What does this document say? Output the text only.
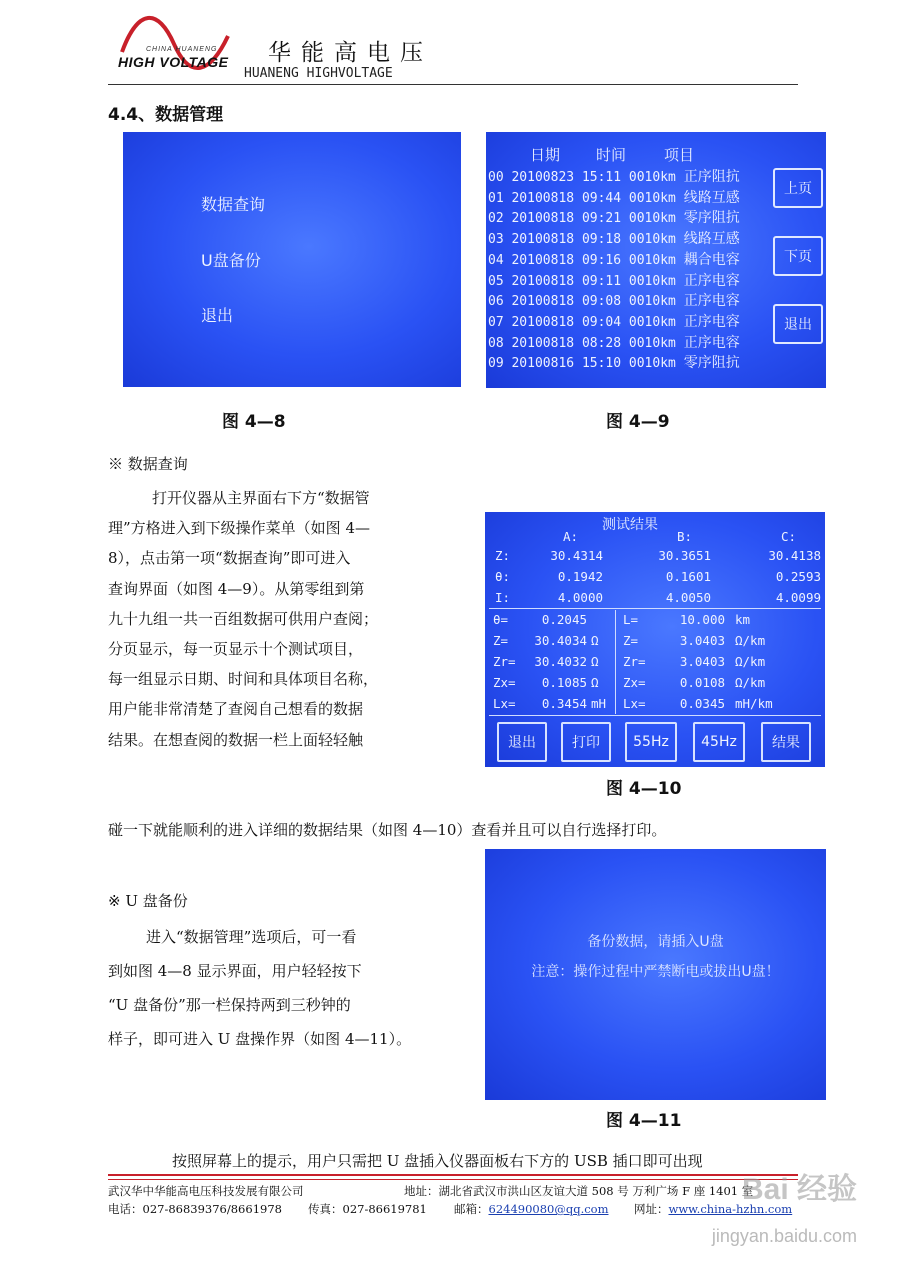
CHINA HUANENG
HIGH VOLTAGE 华能高电压
HUANENG HIGHVOLTAGE
4.4、数据管理
数据查询
U盘备份
退出
图 4—8
日期 时间	项目
00 20100823 15:11 0010km 正序阻抗
01 20100818 09:44 0010km 线路互感
02 20100818 09:21 0010km 零序阻抗
03 20100818 09:18 0010km 线路互感
04 20100818 09:16 0010km 耦合电容
05 20100818 09:11 0010km 正序电容
06 20100818 09:08 0010km 正序电容
07 20100818 09:04 0010km 正序电容
08 20100818 08:28 0010km 正序电容
09 20100816 15:10 0010km 零序阻抗
上页
下页
退出
图 4—9
※ 数据查询
打开仪器从主界面右下方“数据管
理”方格进入到下级操作菜单（如图 4—
8），点击第一项“数据查询”即可进入
查询界面（如图 4—9）。从第零组到第
九十九组一共一百组数据可供用户查阅；
分页显示，每一页显示十个测试项目，
每一组显示日期、时间和具体项目名称，
用户能非常清楚了查阅自己想看的数据
结果。在想查阅的数据一栏上面轻轻触
测试结果
A:	B:	C:
Z:	30.4314	30.3651	30.4138
θ:	0.1942	0.1601	0.2593
I:	4.0000	4.0050	4.0099
θ=	0.2045
Z=	30.4034 Ω
Zr=	30.4032 Ω
Zx=	0.1085 Ω
Lx=	0.3454 mH
L=	10.000 km
Z=	3.0403 Ω/km
Zr=	3.0403 Ω/km
Zx=	0.0108 Ω/km
Lx=	0.0345 mH/km
退出	打印	55Hz	45Hz	结果
图 4—10
碰一下就能顺利的进入详细的数据结果（如图 4—10）查看并且可以自行选择打印。
备份数据，请插入U盘
注意：操作过程中严禁断电或拔出U盘！
图 4—11
※ U 盘备份
进入“数据管理”选项后，可一看
到如图 4—8 显示界面，用户轻轻按下
“U 盘备份”那一栏保持两到三秒钟的
样子，即可进入 U 盘操作界（如图 4—11）。
按照屏幕上的提示，用户只需把 U 盘插入仪器面板右下方的 USB 插口即可出现
武汉华中华能高电压科技发展有限公司	地址：湖北省武汉市洪山区友谊大道 508 号 万利广场 F 座 1401 室
电话：027-86839376/8661978 传真：027-86619781 邮箱：624490080@qq.com 网址：www.china-hzhn.com
Bai 经验
jingyan.baidu.com
